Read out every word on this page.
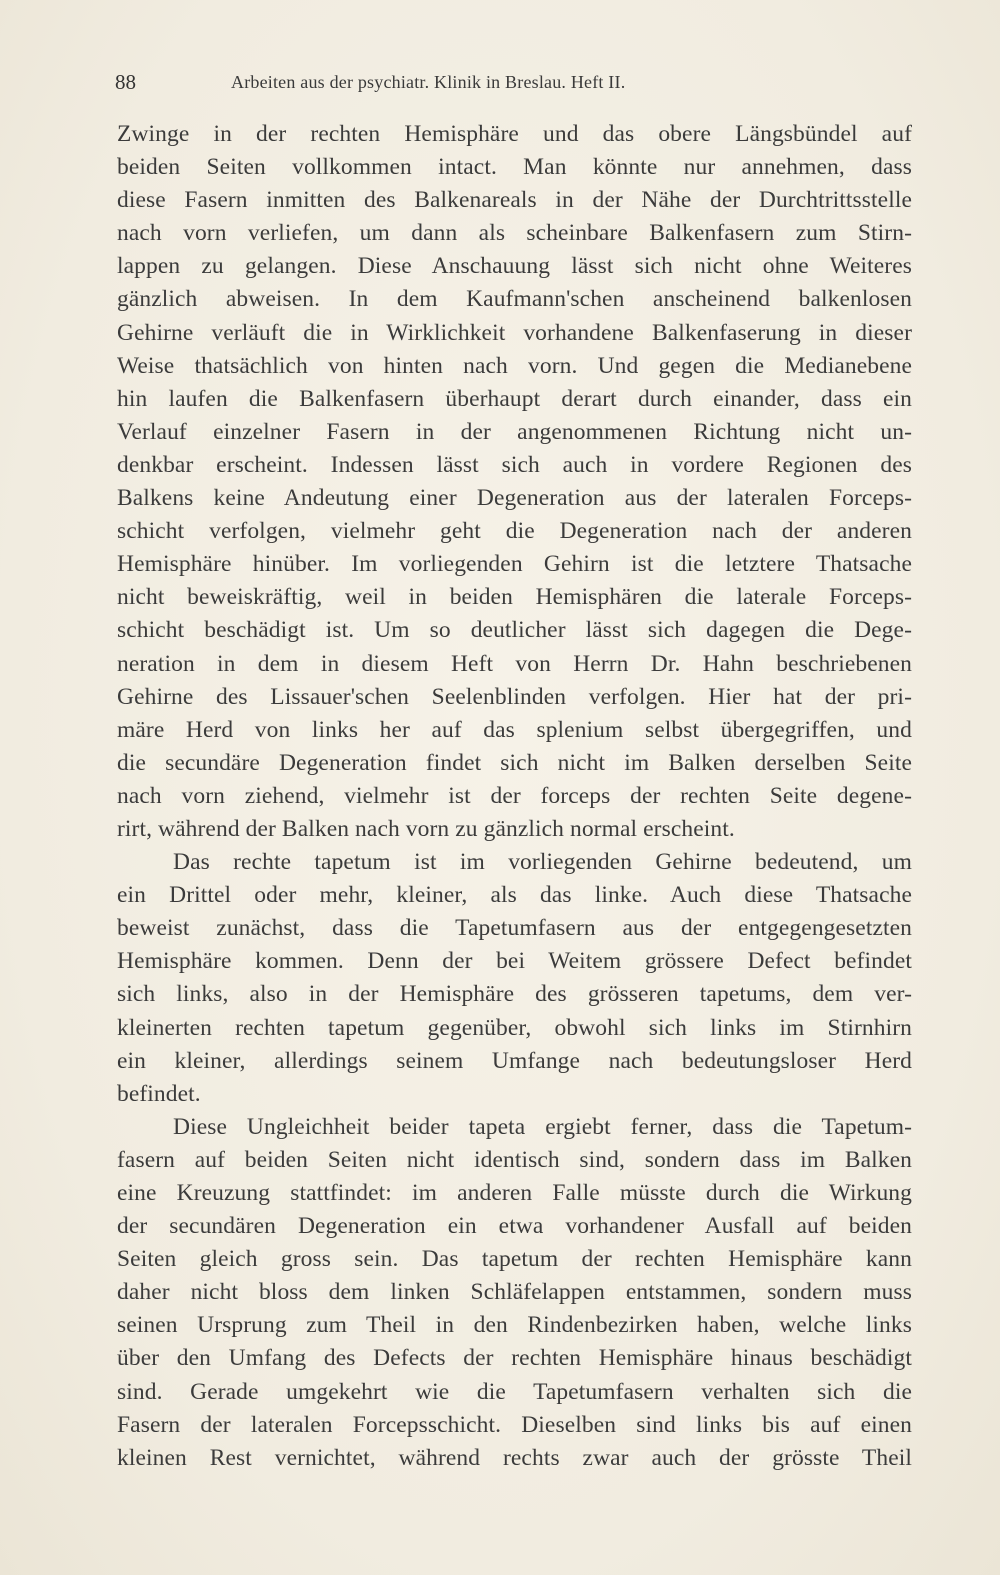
88	Arbeiten aus der psychiatr. Klinik in Breslau. Heft II.
Zwinge in der rechten Hemisphäre und das obere Längsbündel auf
beiden Seiten vollkommen intact. Man könnte nur annehmen, dass
diese Fasern inmitten des Balkenareals in der Nähe der Durchtrittsstelle
nach vorn verliefen, um dann als scheinbare Balkenfasern zum Stirn-
lappen zu gelangen. Diese Anschauung lässt sich nicht ohne Weiteres
gänzlich abweisen. In dem Kaufmann'schen anscheinend balkenlosen
Gehirne verläuft die in Wirklichkeit vorhandene Balkenfaserung in dieser
Weise thatsächlich von hinten nach vorn. Und gegen die Medianebene
hin laufen die Balkenfasern überhaupt derart durch einander, dass ein
Verlauf einzelner Fasern in der angenommenen Richtung nicht un-
denkbar erscheint. Indessen lässt sich auch in vordere Regionen des
Balkens keine Andeutung einer Degeneration aus der lateralen Forceps-
schicht verfolgen, vielmehr geht die Degeneration nach der anderen
Hemisphäre hinüber. Im vorliegenden Gehirn ist die letztere Thatsache
nicht beweiskräftig, weil in beiden Hemisphären die laterale Forceps-
schicht beschädigt ist. Um so deutlicher lässt sich dagegen die Dege-
neration in dem in diesem Heft von Herrn Dr. Hahn beschriebenen
Gehirne des Lissauer'schen Seelenblinden verfolgen. Hier hat der pri-
märe Herd von links her auf das splenium selbst übergegriffen, und
die secundäre Degeneration findet sich nicht im Balken derselben Seite
nach vorn ziehend, vielmehr ist der forceps der rechten Seite degene-
rirt, während der Balken nach vorn zu gänzlich normal erscheint.
Das rechte tapetum ist im vorliegenden Gehirne bedeutend, um
ein Drittel oder mehr, kleiner, als das linke. Auch diese Thatsache
beweist zunächst, dass die Tapetumfasern aus der entgegengesetzten
Hemisphäre kommen. Denn der bei Weitem grössere Defect befindet
sich links, also in der Hemisphäre des grösseren tapetums, dem ver-
kleinerten rechten tapetum gegenüber, obwohl sich links im Stirnhirn
ein kleiner, allerdings seinem Umfange nach bedeutungsloser Herd
befindet.
Diese Ungleichheit beider tapeta ergiebt ferner, dass die Tapetum-
fasern auf beiden Seiten nicht identisch sind, sondern dass im Balken
eine Kreuzung stattfindet: im anderen Falle müsste durch die Wirkung
der secundären Degeneration ein etwa vorhandener Ausfall auf beiden
Seiten gleich gross sein. Das tapetum der rechten Hemisphäre kann
daher nicht bloss dem linken Schläfelappen entstammen, sondern muss
seinen Ursprung zum Theil in den Rindenbezirken haben, welche links
über den Umfang des Defects der rechten Hemisphäre hinaus beschädigt
sind. Gerade umgekehrt wie die Tapetumfasern verhalten sich die
Fasern der lateralen Forcepsschicht. Dieselben sind links bis auf einen
kleinen Rest vernichtet, während rechts zwar auch der grösste Theil
